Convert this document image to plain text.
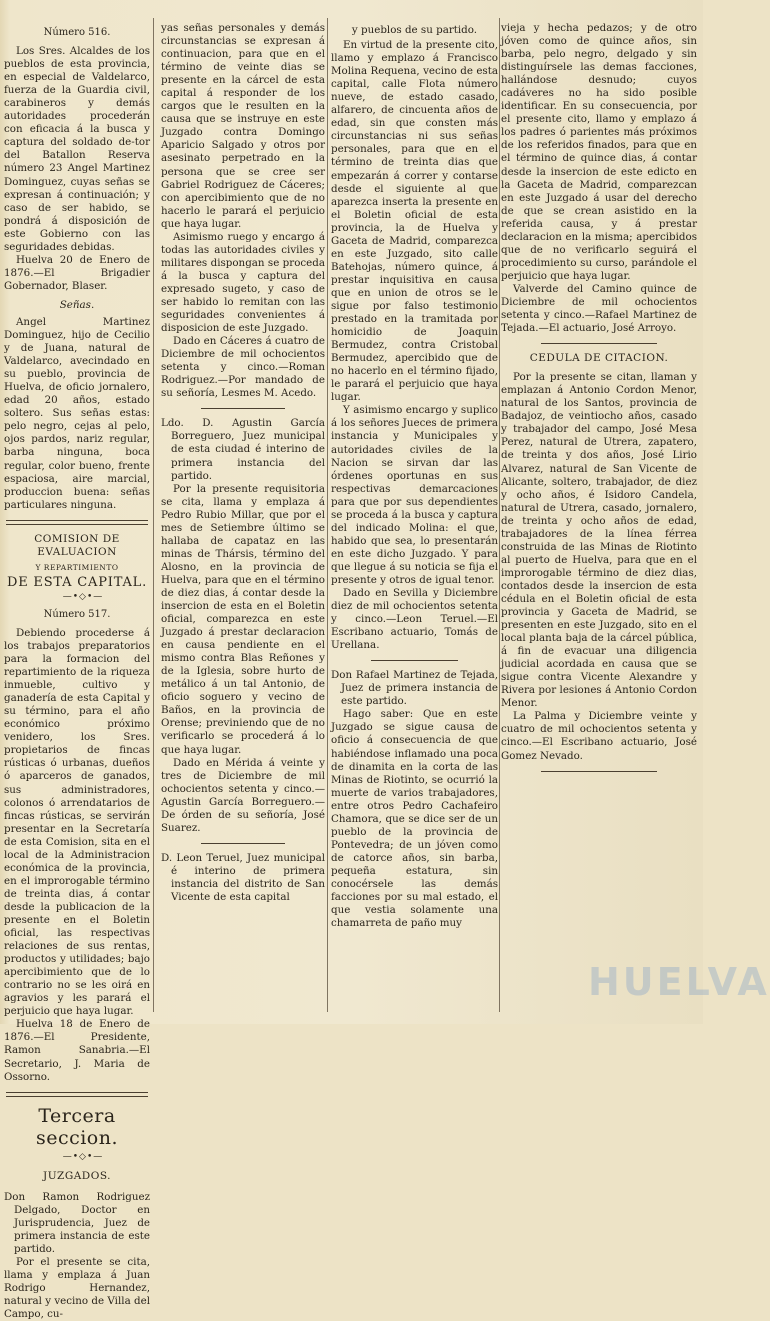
Número 516.

Los Sres. Alcaldes de los pueblos de esta provincia, en especial de Valdelarco, fuerza de la Guardia civil, carabineros y demás autoridades procederán con eficacia á la busca y captura del soldado de-tor del Batallon Reserva número 23 Angel Martinez Dominguez, cuyas señas se expresan á continuación; y caso de ser habido, se pondrá á disposición de este Gobierno con las seguridades debidas.

Huelva 20 de Enero de 1876.—El Brigadier Gobernador, Blaser.

Señas.

Angel Martinez Dominguez, hijo de Cecilio y de Juana, natural de Valdelarco, avecindado en su pueblo, provincia de Huelva, de oficio jornalero, edad 20 años, estado soltero. Sus señas estas: pelo negro, cejas al pelo, ojos pardos, nariz regular, barba ninguna, boca regular, color bueno, frente espaciosa, aire marcial, produccion buena: señas particulares ninguna.

COMISION DE EVALUACION

Y REPARTIMIENTO

DE ESTA CAPITAL.

—•◇•—

Número 517.

Debiendo procederse á los trabajos preparatorios para la formacion del repartimiento de la riqueza inmueble, cultivo y ganadería de esta Capital y su término, para el año económico próximo venidero, los Sres. propietarios de fincas rústicas ó urbanas, dueños ó aparceros de ganados, sus administradores, colonos ó arrendatarios de fincas rústicas, se servirán presentar en la Secretaría de esta Comision, sita en el local de la Administracion económica de la provincia, en el improrogable término de treinta dias, á contar desde la publicacion de la presente en el Boletin oficial, las respectivas relaciones de sus rentas, productos y utilidades; bajo apercibimiento que de lo contrario no se les oirá en agravios y les parará el perjuicio que haya lugar.

Huelva 18 de Enero de 1876.—El Presidente, Ramon Sanabria.—El Secretario, J. Maria de Ossorno.

Tercera seccion.

—•◇•—

JUZGADOS.

Don Ramon Rodriguez Delgado, Doctor en Jurisprudencia, Juez de primera instancia de este partido.

Por el presente se cita, llama y emplaza á Juan Rodrigo Hernandez, natural y vecino de Villa del Campo, cu-

yas señas personales y demás circunstancias se expresan á continuacion, para que en el término de veinte dias se presente en la cárcel de esta capital á responder de los cargos que le resulten en la causa que se instruye en este Juzgado contra Domingo Aparicio Salgado y otros por asesinato perpetrado en la persona que se cree ser Gabriel Rodriguez de Cáceres; con apercibimiento que de no hacerlo le parará el perjuicio que haya lugar.

Asimismo ruego y encargo á todas las autoridades civiles y militares dispongan se proceda á la busca y captura del expresado sugeto, y caso de ser habido lo remitan con las seguridades convenientes á disposicion de este Juzgado.

Dado en Cáceres á cuatro de Diciembre de mil ochocientos setenta y cinco.—Roman Rodriguez.—Por mandado de su señoría, Lesmes M. Acedo.

Ldo. D. Agustin García Borreguero, Juez municipal de esta ciudad é interino de primera instancia del partido.

Por la presente requisitoria se cita, llama y emplaza á Pedro Rubio Millar, que por el mes de Setiembre último se hallaba de capataz en las minas de Thársis, término del Alosno, en la provincia de Huelva, para que en el término de diez dias, á contar desde la insercion de esta en el Boletin oficial, comparezca en este Juzgado á prestar declaracion en causa pendiente en el mismo contra Blas Reñones y de la Iglesia, sobre hurto de metálico á un tal Antonio, de oficio soguero y vecino de Baños, en la provincia de Orense; previniendo que de no verificarlo se procederá á lo que haya lugar.

Dado en Mérida á veinte y tres de Diciembre de mil ochocientos setenta y cinco.—Agustin García Borreguero.—De órden de su señoría, José Suarez.

D. Leon Teruel, Juez municipal é interino de primera instancia del distrito de San Vicente de esta capital

y pueblos de su partido.

En virtud de la presente cito, llamo y emplazo á Francisco Molina Requena, vecino de esta capital, calle Flota número nueve, de estado casado, alfarero, de cincuenta años de edad, sin que consten más circunstancias ni sus señas personales, para que en el término de treinta dias que empezarán á correr y contarse desde el siguiente al que aparezca inserta la presente en el Boletin oficial de esta provincia, la de Huelva y Gaceta de Madrid, comparezca en este Juzgado, sito calle Batehojas, número quince, á prestar inquisitiva en causa que en union de otros se le sigue por falso testimonio prestado en la tramitada por homicidio de Joaquin Bermudez, contra Cristobal Bermudez, apercibido que de no hacerlo en el término fijado, le parará el perjuicio que haya lugar.

Y asimismo encargo y suplico á los señores Jueces de primera instancia y Municipales y autoridades civiles de la Nacion se sirvan dar las órdenes oportunas en sus respectivas demarcaciones para que por sus dependientes se proceda á la busca y captura del indicado Molina: el que, habido que sea, lo presentarán en este dicho Juzgado. Y para que llegue á su noticia se fija el presente y otros de igual tenor.

Dado en Sevilla y Diciembre diez de mil ochocientos setenta y cinco.—Leon Teruel.—El Escribano actuario, Tomás de Urellana.

Don Rafael Martinez de Tejada, Juez de primera instancia de este partido.

Hago saber: Que en este Juzgado se sigue causa de oficio á consecuencia de que habiéndose inflamado una poca de dinamita en la corta de las Minas de Riotinto, se ocurrió la muerte de varios trabajadores, entre otros Pedro Cachafeiro Chamora, que se dice ser de un pueblo de la provincia de Pontevedra; de un jóven como de catorce años, sin barba, pequeña estatura, sin conocérsele las demás facciones por su mal estado, el que vestia solamente una chamarreta de paño muy

vieja y hecha pedazos; y de otro jóven como de quince años, sin barba, pelo negro, delgado y sin distinguírsele las demas facciones, hallándose desnudo; cuyos cadáveres no ha sido posible identificar. En su consecuencia, por el presente cito, llamo y emplazo á los padres ó parientes más próximos de los referidos finados, para que en el término de quince dias, á contar desde la insercion de este edicto en la Gaceta de Madrid, comparezcan en este Juzgado á usar del derecho de que se crean asistido en la referida causa, y á prestar declaracion en la misma; apercibidos que de no verificarlo seguirá el procedimiento su curso, parándole el perjuicio que haya lugar.

Valverde del Camino quince de Diciembre de mil ochocientos setenta y cinco.—Rafael Martinez de Tejada.—El actuario, José Arroyo.

CEDULA DE CITACION.

Por la presente se citan, llaman y emplazan á Antonio Cordon Menor, natural de los Santos, provincia de Badajoz, de veintiocho años, casado y trabajador del campo, José Mesa Perez, natural de Utrera, zapatero, de treinta y dos años, José Lirio Alvarez, natural de San Vicente de Alicante, soltero, trabajador, de diez y ocho años, é Isidoro Candela, natural de Utrera, casado, jornalero, de treinta y ocho años de edad, trabajadores de la línea férrea construida de las Minas de Riotinto al puerto de Huelva, para que en el improrogable término de diez dias, contados desde la insercion de esta cédula en el Boletin oficial de esta provincia y Gaceta de Madrid, se presenten en este Juzgado, sito en el local planta baja de la cárcel pública, á fin de evacuar una diligencia judicial acordada en causa que se sigue contra Vicente Alexandre y Rivera por lesiones á Antonio Cordon Menor.

La Palma y Diciembre veinte y cuatro de mil ochocientos setenta y cinco.—El Escribano actuario, José Gomez Nevado.

HUELVA
